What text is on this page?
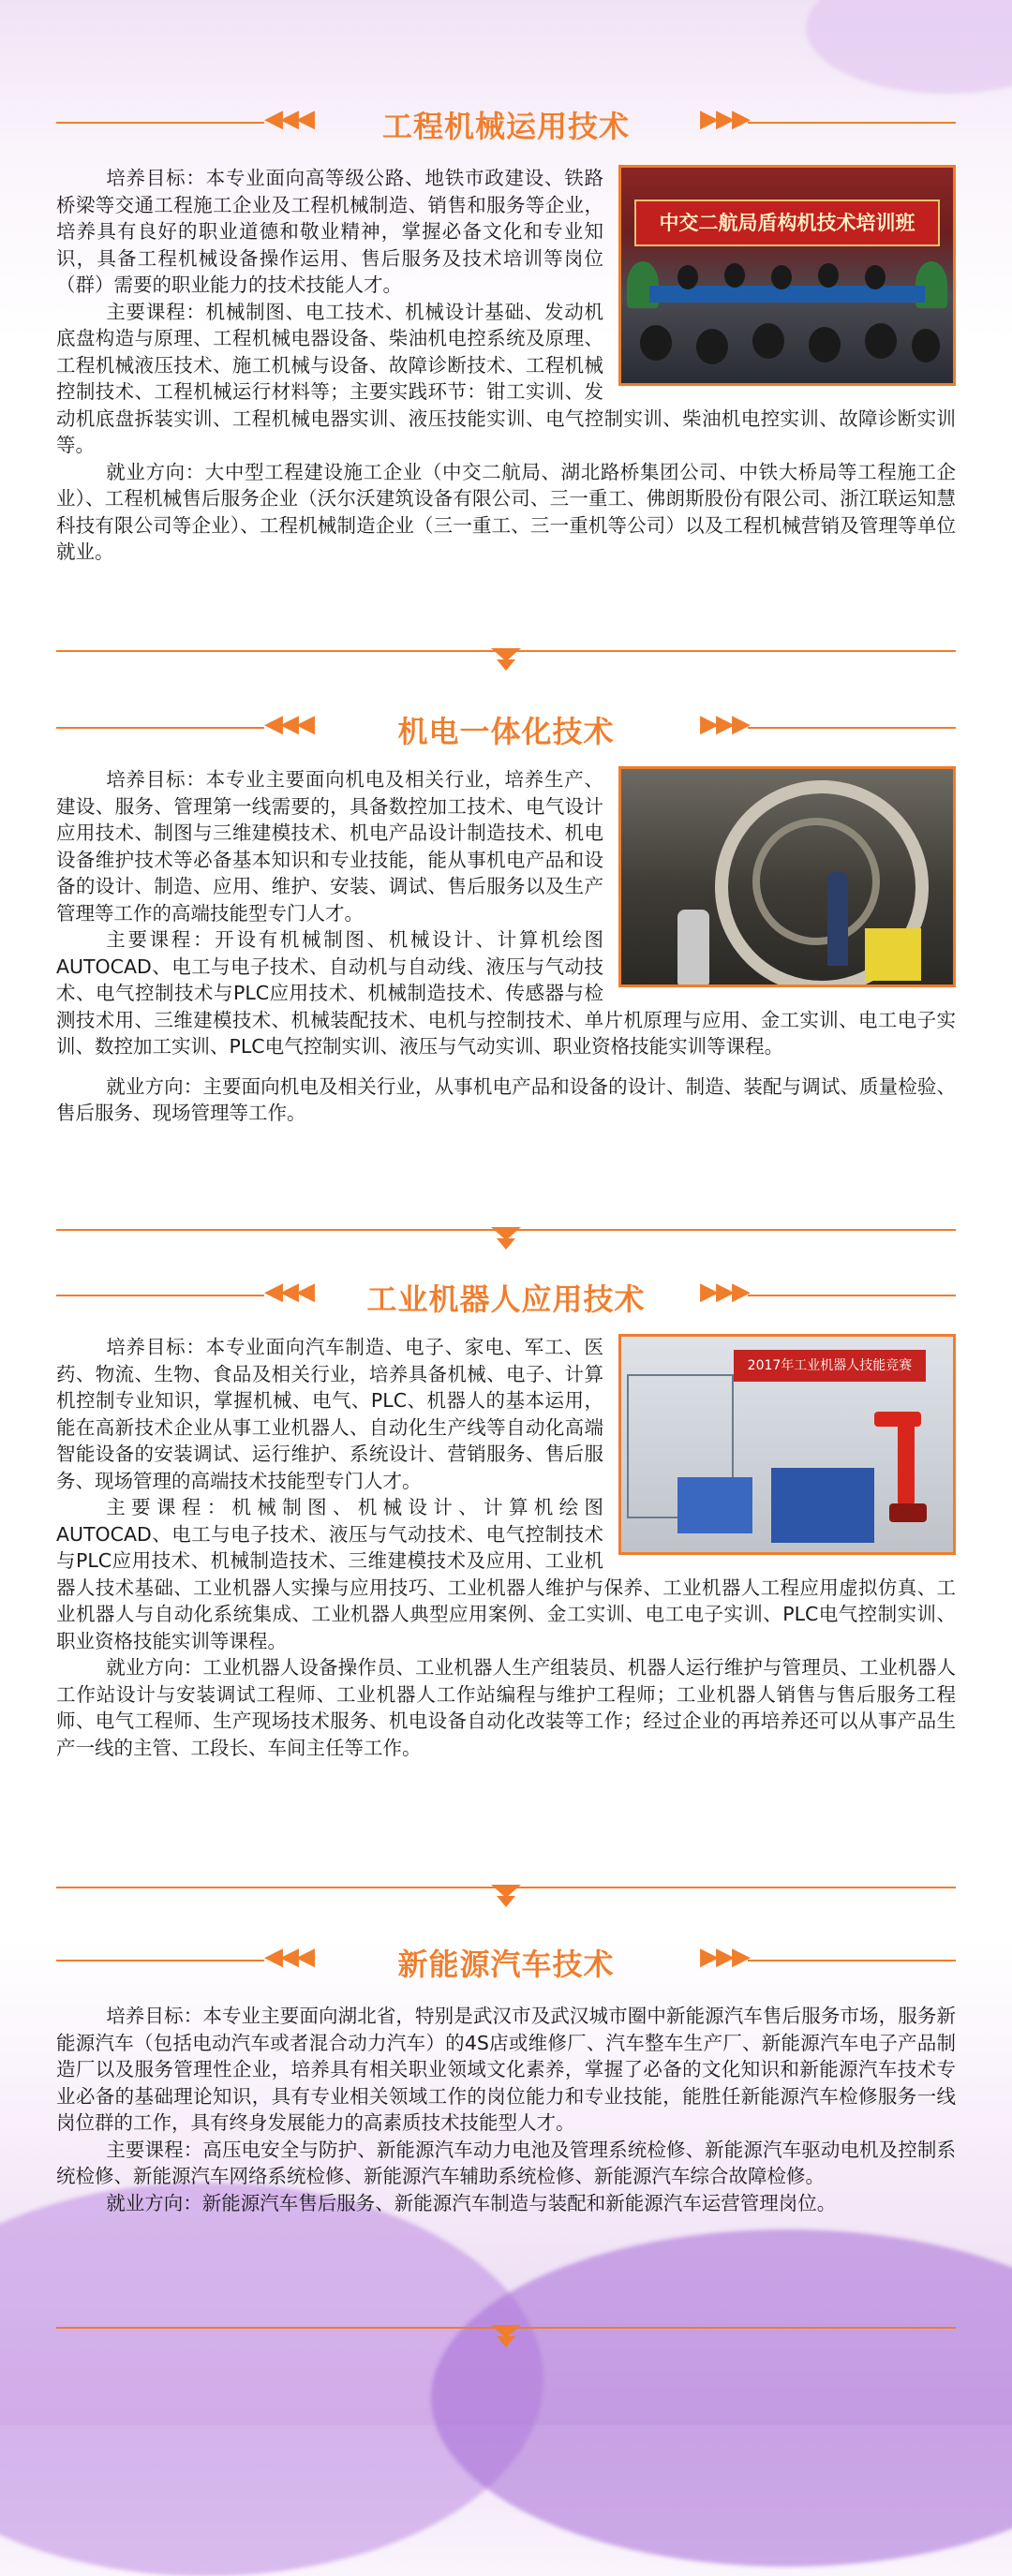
◀◀◀	工程机械运用技术	▶▶▶
中交二航局盾构机技术培训班

培养目标：本专业面向高等级公路、地铁市政建设、铁路桥梁等交通工程施工企业及工程机械制造、销售和服务等企业，培养具有良好的职业道德和敬业精神，掌握必备文化和专业知识，具备工程机械设备操作运用、售后服务及技术培训等岗位（群）需要的职业能力的技术技能人才。

主要课程：机械制图、电工技术、机械设计基础、发动机底盘构造与原理、工程机械电器设备、柴油机电控系统及原理、工程机械液压技术、施工机械与设备、故障诊断技术、工程机械控制技术、工程机械运行材料等；主要实践环节：钳工实训、发动机底盘拆装实训、工程机械电器实训、液压技能实训、电气控制实训、柴油机电控实训、故障诊断实训等。

就业方向：大中型工程建设施工企业（中交二航局、湖北路桥集团公司、中铁大桥局等工程施工企业）、工程机械售后服务企业（沃尔沃建筑设备有限公司、三一重工、佛朗斯股份有限公司、浙江联运知慧科技有限公司等企业）、工程机械制造企业（三一重工、三一重机等公司）以及工程机械营销及管理等单位就业。

◀◀◀	机电一体化技术	▶▶▶

培养目标：本专业主要面向机电及相关行业，培养生产、建设、服务、管理第一线需要的，具备数控加工技术、电气设计应用技术、制图与三维建模技术、机电产品设计制造技术、机电设备维护技术等必备基本知识和专业技能，能从事机电产品和设备的设计、制造、应用、维护、安装、调试、售后服务以及生产管理等工作的高端技能型专门人才。

主要课程：开设有机械制图、机械设计、计算机绘图AUTOCAD、电工与电子技术、自动机与自动线、液压与气动技术、电气控制技术与PLC应用技术、机械制造技术、传感器与检测技术用、三维建模技术、机械装配技术、电机与控制技术、单片机原理与应用、金工实训、电工电子实训、数控加工实训、PLC电气控制实训、液压与气动实训、职业资格技能实训等课程。

就业方向：主要面向机电及相关行业，从事机电产品和设备的设计、制造、装配与调试、质量检验、售后服务、现场管理等工作。

◀◀◀	工业机器人应用技术	▶▶▶
2017年工业机器人技能竞赛

培养目标：本专业面向汽车制造、电子、家电、军工、医药、物流、生物、食品及相关行业，培养具备机械、电子、计算机控制专业知识，掌握机械、电气、PLC、机器人的基本运用，能在高新技术企业从事工业机器人、自动化生产线等自动化高端智能设备的安装调试、运行维护、系统设计、营销服务、售后服务、现场管理的高端技术技能型专门人才。

主要课程：机械制图、机械设计、计算机绘图AUTOCAD、电工与电子技术、液压与气动技术、电气控制技术与PLC应用技术、机械制造技术、三维建模技术及应用、工业机器人技术基础、工业机器人实操与应用技巧、工业机器人维护与保养、工业机器人工程应用虚拟仿真、工业机器人与自动化系统集成、工业机器人典型应用案例、金工实训、电工电子实训、PLC电气控制实训、职业资格技能实训等课程。

就业方向：工业机器人设备操作员、工业机器人生产组装员、机器人运行维护与管理员、工业机器人工作站设计与安装调试工程师、工业机器人工作站编程与维护工程师；工业机器人销售与售后服务工程师、电气工程师、生产现场技术服务、机电设备自动化改装等工作；经过企业的再培养还可以从事产品生产一线的主管、工段长、车间主任等工作。

◀◀◀	新能源汽车技术	▶▶▶

培养目标：本专业主要面向湖北省，特别是武汉市及武汉城市圈中新能源汽车售后服务市场，服务新能源汽车（包括电动汽车或者混合动力汽车）的4S店或维修厂、汽车整车生产厂、新能源汽车电子产品制造厂以及服务管理性企业，培养具有相关职业领域文化素养，掌握了必备的文化知识和新能源汽车技术专业必备的基础理论知识，具有专业相关领域工作的岗位能力和专业技能，能胜任新能源汽车检修服务一线岗位群的工作，具有终身发展能力的高素质技术技能型人才。

主要课程：高压电安全与防护、新能源汽车动力电池及管理系统检修、新能源汽车驱动电机及控制系统检修、新能源汽车网络系统检修、新能源汽车辅助系统检修、新能源汽车综合故障检修。

就业方向：新能源汽车售后服务、新能源汽车制造与装配和新能源汽车运营管理岗位。
